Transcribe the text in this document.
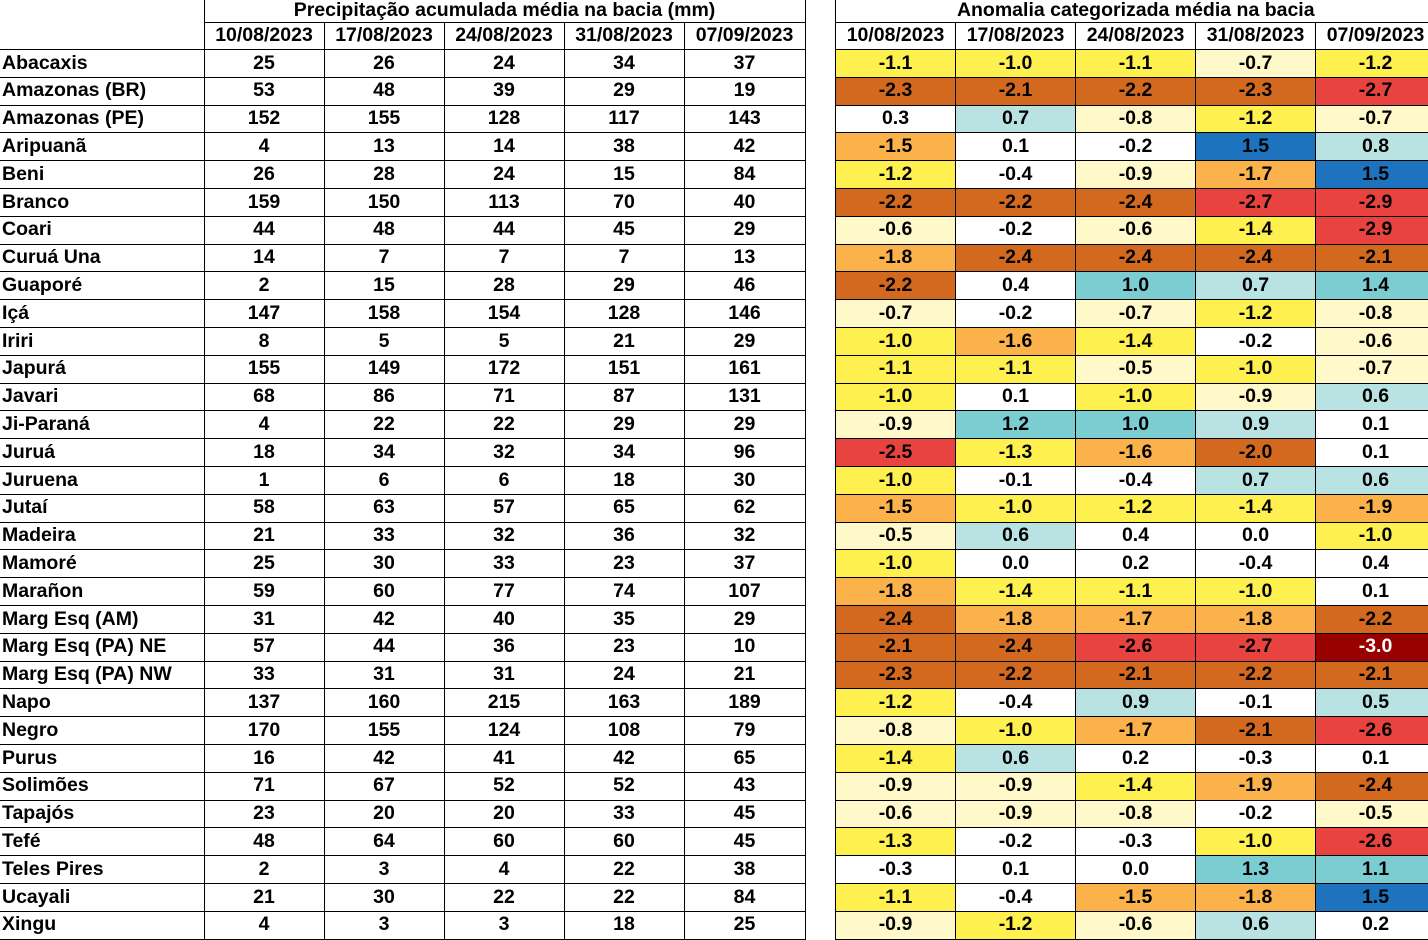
	Precipitação acumulada média na bacia (mm)				
	10/08/2023	17/08/2023	24/08/2023	31/08/2023	07/09/2023
Abacaxis	25	26	24	34	37
Amazonas (BR)	53	48	39	29	19
Amazonas (PE)	152	155	128	117	143
Aripuanã	4	13	14	38	42
Beni	26	28	24	15	84
Branco	159	150	113	70	40
Coari	44	48	44	45	29
Curuá Una	14	7	7	7	13
Guaporé	2	15	28	29	46
Içá	147	158	154	128	146
Iriri	8	5	5	21	29
Japurá	155	149	172	151	161
Javari	68	86	71	87	131
Ji-Paraná	4	22	22	29	29
Juruá	18	34	32	34	96
Juruena	1	6	6	18	30
Jutaí	58	63	57	65	62
Madeira	21	33	32	36	32
Mamoré	25	30	33	23	37
Marañon	59	60	77	74	107
Marg Esq (AM)	31	42	40	35	29
Marg Esq (PA) NE	57	44	36	23	10
Marg Esq (PA) NW	33	31	31	24	21
Napo	137	160	215	163	189
Negro	170	155	124	108	79
Purus	16	42	41	42	65
Solimões	71	67	52	52	43
Tapajós	23	20	20	33	45
Tefé	48	64	60	60	45
Teles Pires	2	3	4	22	38
Ucayali	21	30	22	22	84
Xingu	4	3	3	18	25
Anomalia categorizada média na bacia				
10/08/2023	17/08/2023	24/08/2023	31/08/2023	07/09/2023
-1.1	-1.0	-1.1	-0.7	-1.2
-2.3	-2.1	-2.2	-2.3	-2.7
0.3	0.7	-0.8	-1.2	-0.7
-1.5	0.1	-0.2	1.5	0.8
-1.2	-0.4	-0.9	-1.7	1.5
-2.2	-2.2	-2.4	-2.7	-2.9
-0.6	-0.2	-0.6	-1.4	-2.9
-1.8	-2.4	-2.4	-2.4	-2.1
-2.2	0.4	1.0	0.7	1.4
-0.7	-0.2	-0.7	-1.2	-0.8
-1.0	-1.6	-1.4	-0.2	-0.6
-1.1	-1.1	-0.5	-1.0	-0.7
-1.0	0.1	-1.0	-0.9	0.6
-0.9	1.2	1.0	0.9	0.1
-2.5	-1.3	-1.6	-2.0	0.1
-1.0	-0.1	-0.4	0.7	0.6
-1.5	-1.0	-1.2	-1.4	-1.9
-0.5	0.6	0.4	0.0	-1.0
-1.0	0.0	0.2	-0.4	0.4
-1.8	-1.4	-1.1	-1.0	0.1
-2.4	-1.8	-1.7	-1.8	-2.2
-2.1	-2.4	-2.6	-2.7	-3.0
-2.3	-2.2	-2.1	-2.2	-2.1
-1.2	-0.4	0.9	-0.1	0.5
-0.8	-1.0	-1.7	-2.1	-2.6
-1.4	0.6	0.2	-0.3	0.1
-0.9	-0.9	-1.4	-1.9	-2.4
-0.6	-0.9	-0.8	-0.2	-0.5
-1.3	-0.2	-0.3	-1.0	-2.6
-0.3	0.1	0.0	1.3	1.1
-1.1	-0.4	-1.5	-1.8	1.5
-0.9	-1.2	-0.6	0.6	0.2
